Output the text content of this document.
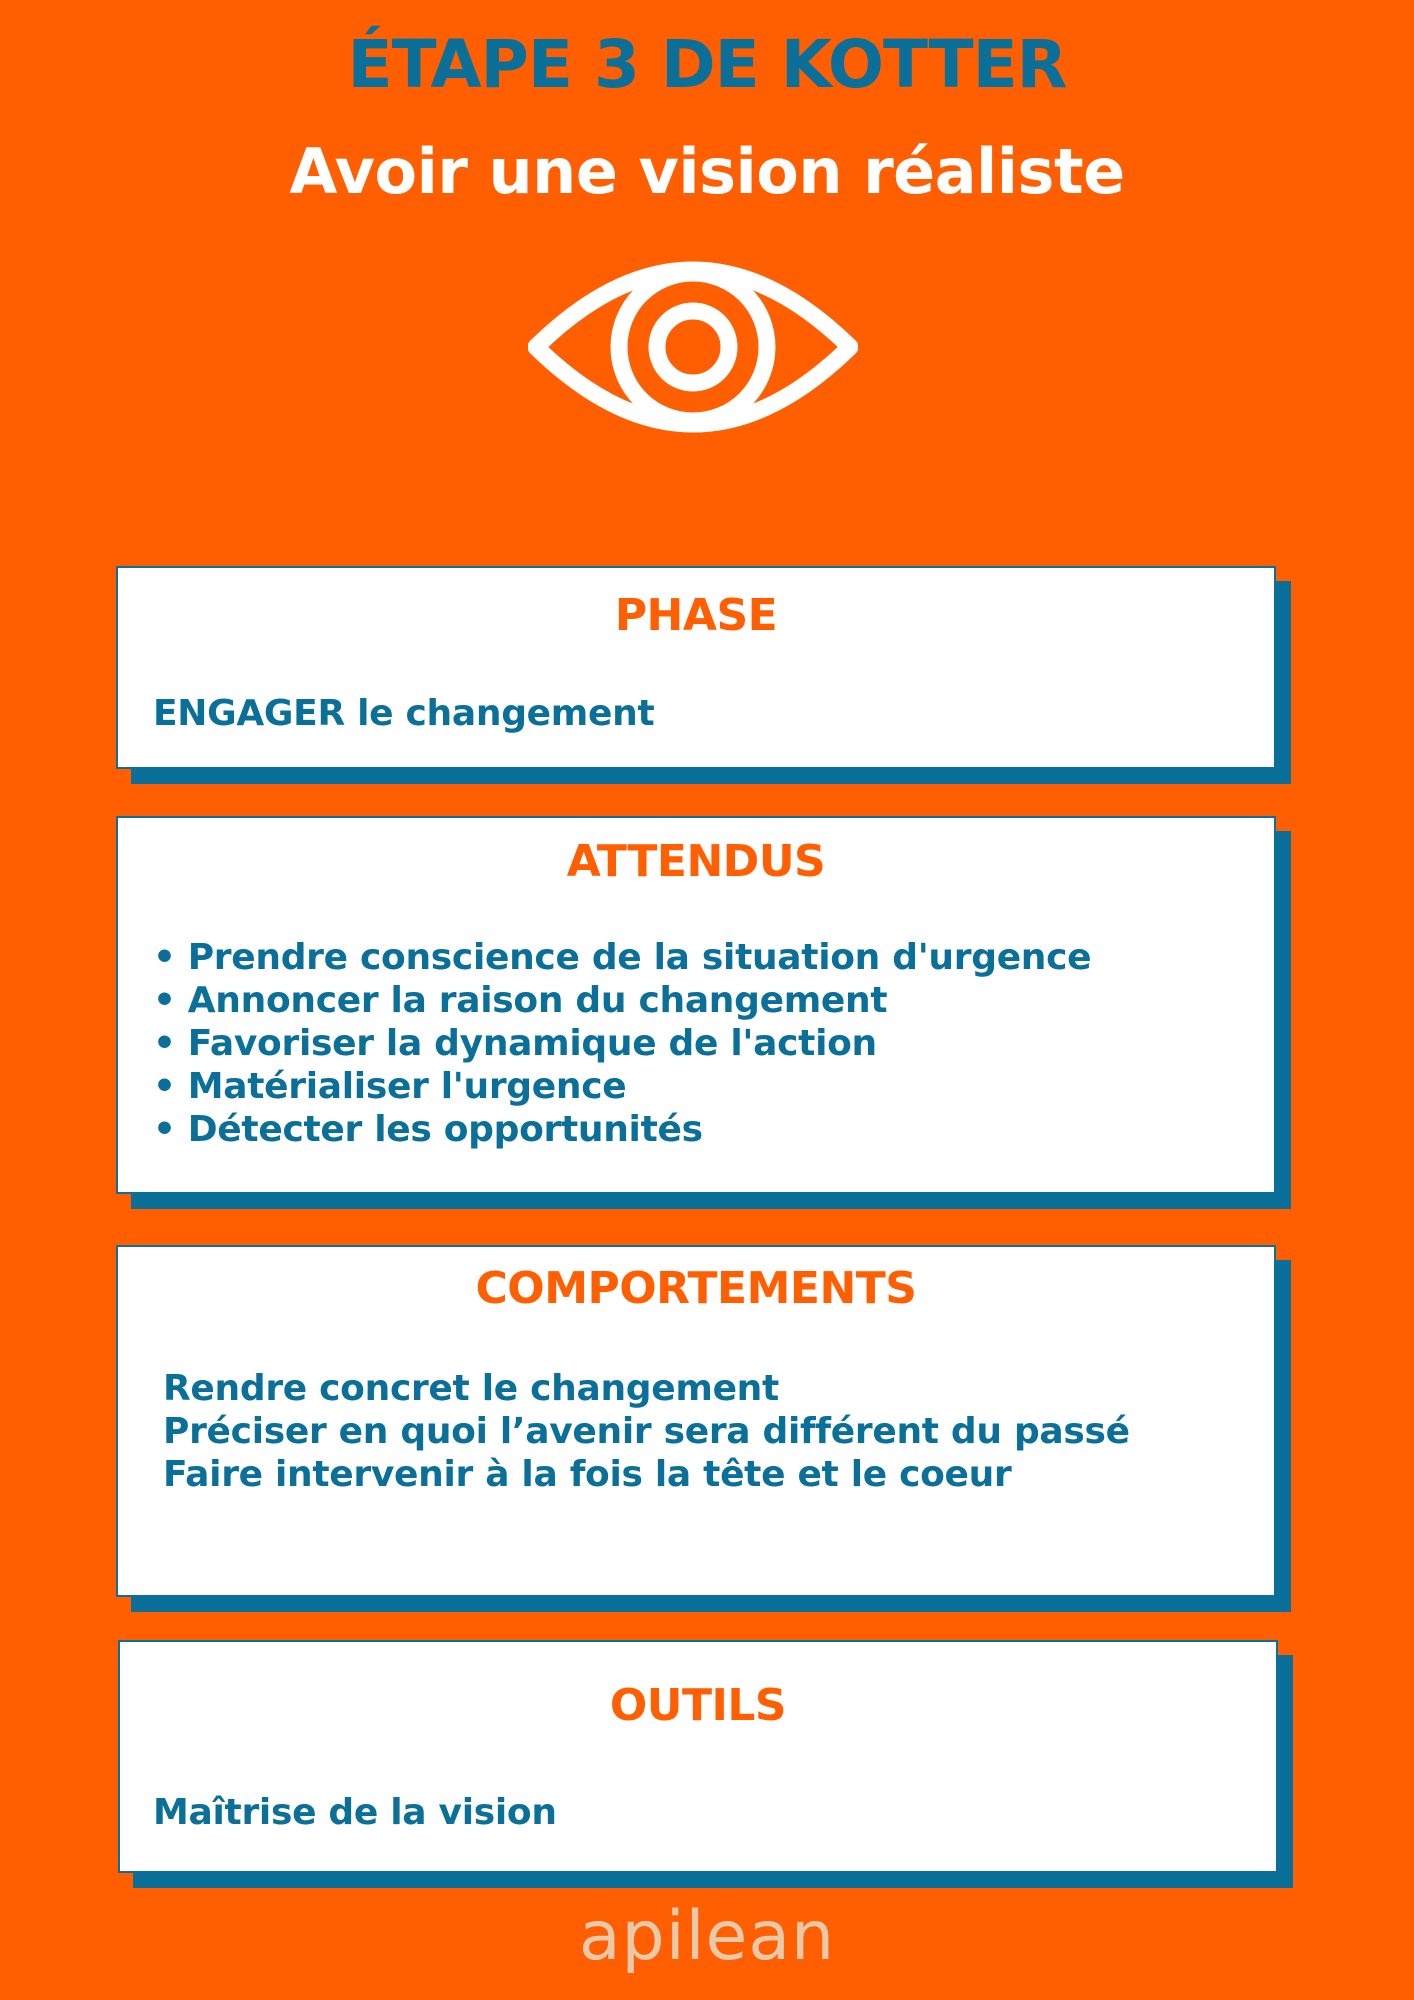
ÉTAPE 3 DE KOTTER
Avoir une vision réaliste
PHASE

ENGAGER le changement

ATTENDUS
• Prendre conscience de la situation d'urgence
• Annoncer la raison du changement
• Favoriser la dynamique de l'action
• Matérialiser l'urgence
• Détecter les opportunités
COMPORTEMENTS
Rendre concret le changement
Préciser en quoi l’avenir sera différent du passé
Faire intervenir à la fois la tête et le coeur
OUTILS

Maîtrise de la vision

apilean
